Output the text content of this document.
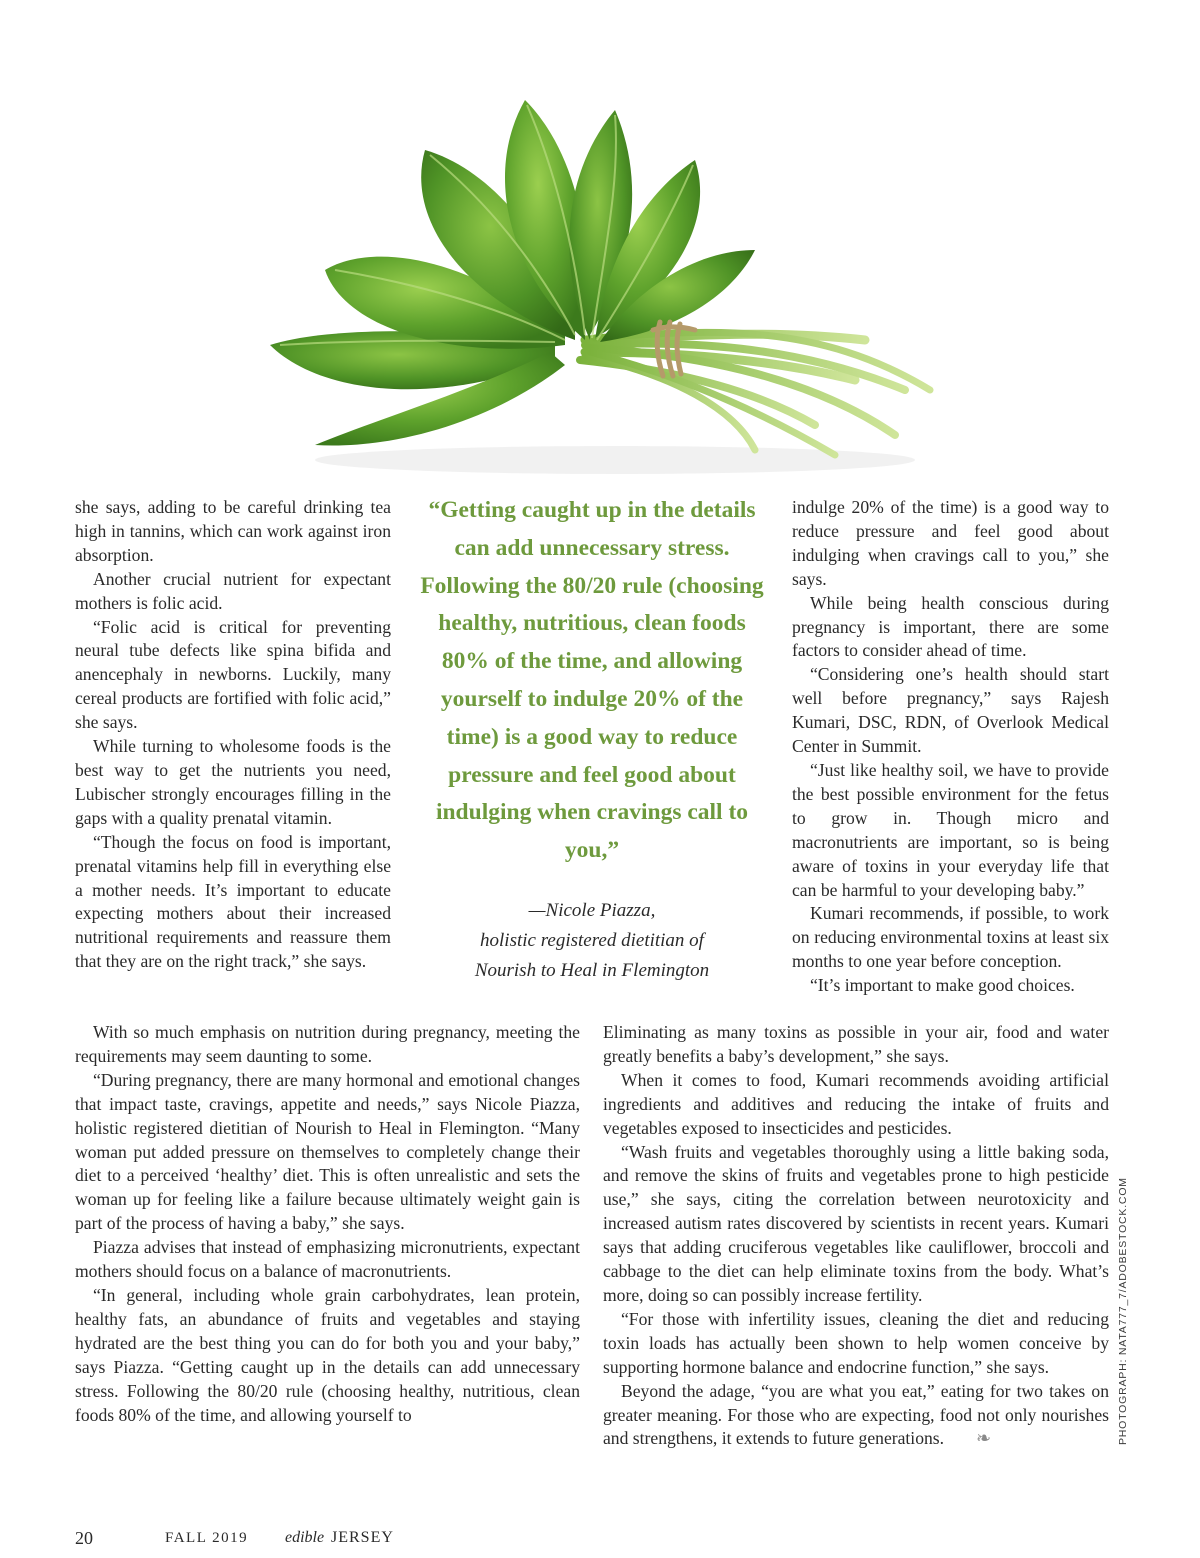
she says, adding to be careful drinking tea high in tannins, which can work against iron absorption.

Another crucial nutrient for expectant mothers is folic acid.

“Folic acid is critical for preventing neural tube defects like spina bifida and anencephaly in newborns. Luckily, many cereal products are fortified with folic acid,” she says.

While turning to wholesome foods is the best way to get the nutrients you need, Lubischer strongly encourages filling in the gaps with a quality prenatal vitamin.

“Though the focus on food is important, prenatal vitamins help fill in everything else a mother needs. It’s important to educate expecting mothers about their increased nutritional requirements and reassure them that they are on the right track,” she says.

“Getting caught up in the details can add unnecessary stress. Following the 80/20 rule (choosing healthy, nutritious, clean foods 80% of the time, and allowing yourself to indulge 20% of the time) is a good way to reduce pressure and feel good about indulging when cravings call to you,”

—Nicole Piazza,
holistic registered dietitian of
Nourish to Heal in Flemington

indulge 20% of the time) is a good way to reduce pressure and feel good about indulging when cravings call to you,” she says.

While being health conscious during pregnancy is important, there are some factors to consider ahead of time.

“Considering one’s health should start well before pregnancy,” says Rajesh Kumari, DSC, RDN, of Overlook Medical Center in Summit.

“Just like healthy soil, we have to provide the best possible environment for the fetus to grow in. Though micro and macronutrients are important, so is being aware of toxins in your everyday life that can be harmful to your developing baby.”

Kumari recommends, if possible, to work on reducing environmental toxins at least six months to one year before conception.

“It’s important to make good choices.

With so much emphasis on nutrition during pregnancy, meeting the requirements may seem daunting to some.

“During pregnancy, there are many hormonal and emotional changes that impact taste, cravings, appetite and needs,” says Nicole Piazza, holistic registered dietitian of Nourish to Heal in Flemington. “Many woman put added pressure on themselves to completely change their diet to a perceived ‘healthy’ diet. This is often unrealistic and sets the woman up for feeling like a failure because ultimately weight gain is part of the process of having a baby,” she says.

Piazza advises that instead of emphasizing micronutrients, expectant mothers should focus on a balance of macronutrients.

“In general, including whole grain carbohydrates, lean protein, healthy fats, an abundance of fruits and vegetables and staying hydrated are the best thing you can do for both you and your baby,” says Piazza. “Getting caught up in the details can add unnecessary stress. Following the 80/20 rule (choosing healthy, nutritious, clean foods 80% of the time, and allowing yourself to

Eliminating as many toxins as possible in your air, food and water greatly benefits a baby’s development,” she says.

When it comes to food, Kumari recommends avoiding artificial ingredients and additives and reducing the intake of fruits and vegetables exposed to insecticides and pesticides.

“Wash fruits and vegetables thoroughly using a little baking soda, and remove the skins of fruits and vegetables prone to high pesticide use,” she says, citing the correlation between neurotoxicity and increased autism rates discovered by scientists in recent years. Kumari says that adding cruciferous vegetables like cauliflower, broccoli and cabbage to the diet can help eliminate toxins from the body. What’s more, doing so can possibly increase fertility.

“For those with infertility issues, cleaning the diet and reducing toxin loads has actually been shown to help women conceive by supporting hormone balance and endocrine function,” she says.

Beyond the adage, “you are what you eat,” eating for two takes on greater meaning. For those who are expecting, food not only nourishes and strengthens, it extends to future generations. ❧	PHOTOGRAPH: NATA777_7/ADOBESTOCK.COM
20	FALL 2019 edible JERSEY
